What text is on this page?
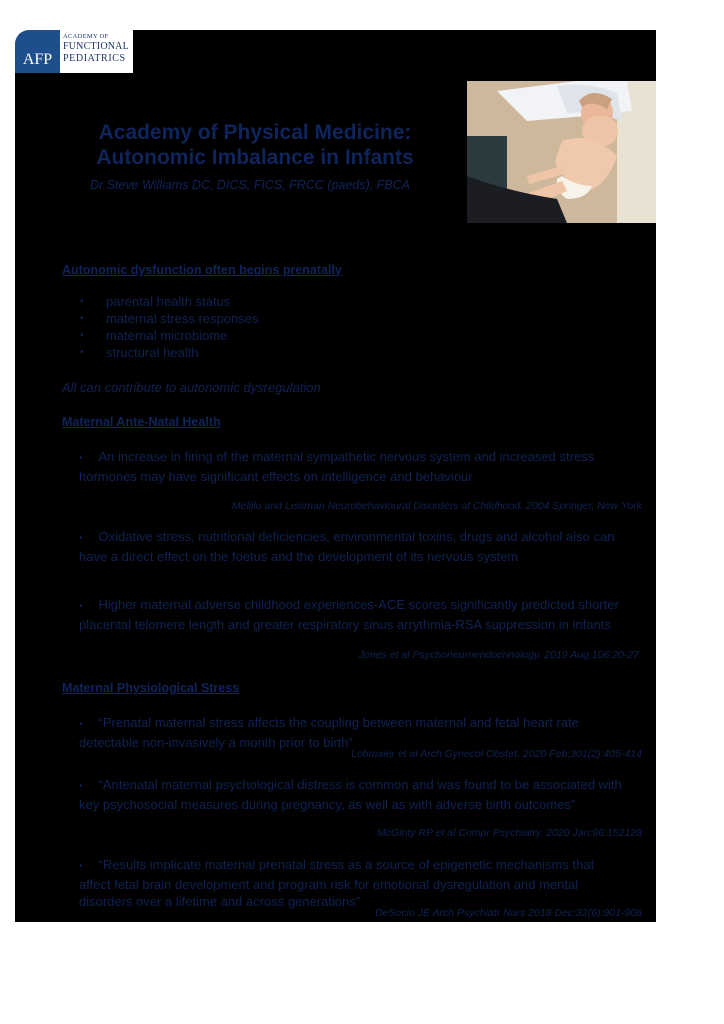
AFP
ACADEMY OF
FUNCTIONAL
PEDIATRICS
Academy of Physical Medicine:
Autonomic Imbalance in Infants
Dr Steve Williams DC, DICS, FICS, FRCC (paeds), FBCA
Autonomic dysfunction often begins prenatally
• parental health status
• maternal stress responses
• maternal microbiome
• structural health
All can contribute to autonomic dysregulation
Maternal Ante-Natal Health
• An increase in firing of the maternal sympathetic nervous system and increased stress hormones may have significant effects on intelligence and behaviour
Melillo and Leisman Neurobehavioural Disorders of Childhood. 2004 Springer, New York
• Oxidative stress, nutritional deficiencies, environmental toxins, drugs and alcohol also can have a direct effect on the foetus and the development of its nervous system
• Higher maternal adverse childhood experiences-ACE scores significantly predicted shorter placental telomere length and greater respiratory sinus arrythmia-RSA suppression in infants
Jones et al Psychoneuroendocrinology. 2019 Aug;106:20-27.
Maternal Physiological Stress
• “Prenatal maternal stress affects the coupling between maternal and fetal heart rate detectable non-invasively a month prior to birth”
Lobmaier et al Arch Gynecol Obstet. 2020 Feb;301(2):405-414
• “Antenatal maternal psychological distress is common and was found to be associated with key psychosocial measures during pregnancy, as well as with adverse birth outcomes”
McGinty RP et al Compr Psychiatry. 2020 Jan;96:152128
• “Results implicate maternal prenatal stress as a source of epigenetic mechanisms that affect fetal brain development and program risk for emotional dysregulation and mental disorders over a lifetime and across generations”
DeSocio JE Arch Psychiatr Nurs 2018 Dec;32(6):901-906
